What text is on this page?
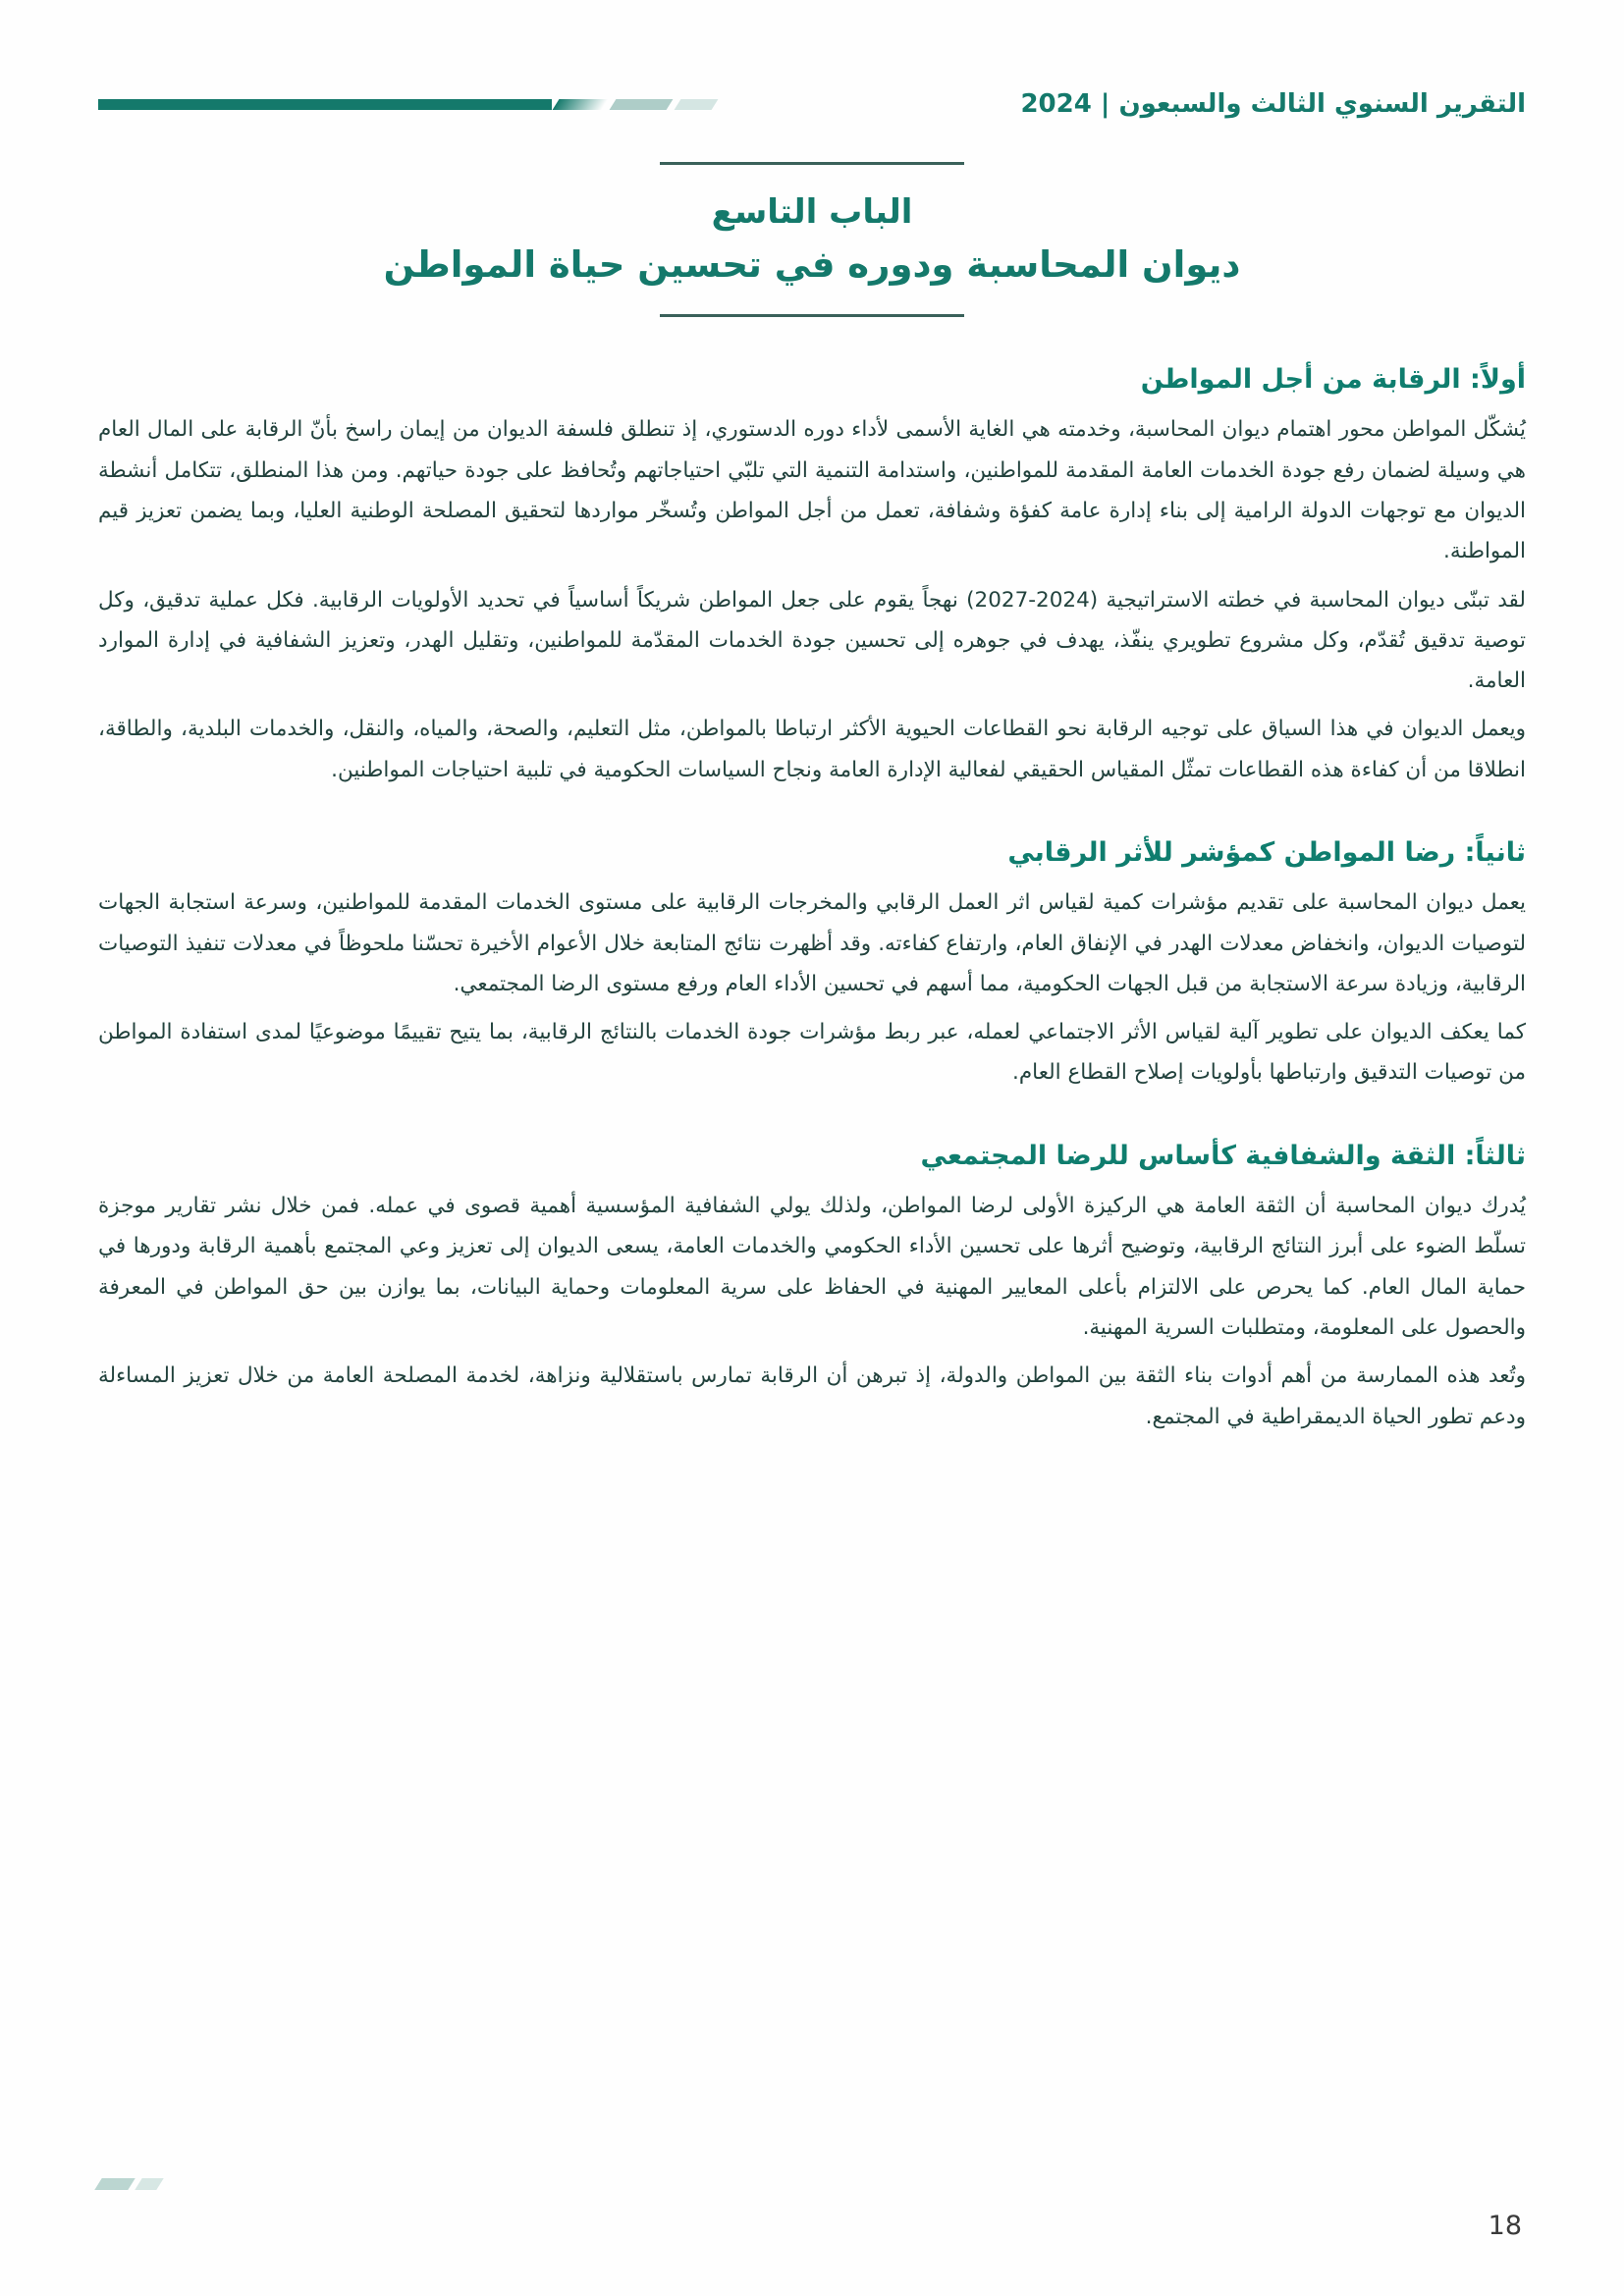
التقرير السنوي الثالث والسبعون | 2024
الباب التاسع
ديوان المحاسبة ودوره في تحسين حياة المواطن
أولاً: الرقابة من أجل المواطن

يُشكّل المواطن محور اهتمام ديوان المحاسبة، وخدمته هي الغاية الأسمى لأداء دوره الدستوري، إذ تنطلق فلسفة الديوان من إيمان راسخ بأنّ الرقابة على المال العام هي وسيلة لضمان رفع جودة الخدمات العامة المقدمة للمواطنين، واستدامة التنمية التي تلبّي احتياجاتهم وتُحافظ على جودة حياتهم. ومن هذا المنطلق، تتكامل أنشطة الديوان مع توجهات الدولة الرامية إلى بناء إدارة عامة كفؤة وشفافة، تعمل من أجل المواطن وتُسخّر مواردها لتحقيق المصلحة الوطنية العليا، وبما يضمن تعزيز قيم المواطنة.

لقد تبنّى ديوان المحاسبة في خطته الاستراتيجية (2024-2027) نهجاً يقوم على جعل المواطن شريكاً أساسياً في تحديد الأولويات الرقابية. فكل عملية تدقيق، وكل توصية تدقيق تُقدّم، وكل مشروع تطويري ينفّذ، يهدف في جوهره إلى تحسين جودة الخدمات المقدّمة للمواطنين، وتقليل الهدر، وتعزيز الشفافية في إدارة الموارد العامة.

ويعمل الديوان في هذا السياق على توجيه الرقابة نحو القطاعات الحيوية الأكثر ارتباطا بالمواطن، مثل التعليم، والصحة، والمياه، والنقل، والخدمات البلدية، والطاقة، انطلاقا من أن كفاءة هذه القطاعات تمثّل المقياس الحقيقي لفعالية الإدارة العامة ونجاح السياسات الحكومية في تلبية احتياجات المواطنين.

ثانياً: رضا المواطن كمؤشر للأثر الرقابي

يعمل ديوان المحاسبة على تقديم مؤشرات كمية لقياس اثر العمل الرقابي والمخرجات الرقابية على مستوى الخدمات المقدمة للمواطنين، وسرعة استجابة الجهات لتوصيات الديوان، وانخفاض معدلات الهدر في الإنفاق العام، وارتفاع كفاءته. وقد أظهرت نتائج المتابعة خلال الأعوام الأخيرة تحسّنا ملحوظاً في معدلات تنفيذ التوصيات الرقابية، وزيادة سرعة الاستجابة من قبل الجهات الحكومية، مما أسهم في تحسين الأداء العام ورفع مستوى الرضا المجتمعي.

كما يعكف الديوان على تطوير آلية لقياس الأثر الاجتماعي لعمله، عبر ربط مؤشرات جودة الخدمات بالنتائج الرقابية، بما يتيح تقييمًا موضوعيًا لمدى استفادة المواطن من توصيات التدقيق وارتباطها بأولويات إصلاح القطاع العام.

ثالثاً: الثقة والشفافية كأساس للرضا المجتمعي

يُدرك ديوان المحاسبة أن الثقة العامة هي الركيزة الأولى لرضا المواطن، ولذلك يولي الشفافية المؤسسية أهمية قصوى في عمله. فمن خلال نشر تقارير موجزة تسلّط الضوء على أبرز النتائج الرقابية، وتوضيح أثرها على تحسين الأداء الحكومي والخدمات العامة، يسعى الديوان إلى تعزيز وعي المجتمع بأهمية الرقابة ودورها في حماية المال العام. كما يحرص على الالتزام بأعلى المعايير المهنية في الحفاظ على سرية المعلومات وحماية البيانات، بما يوازن بين حق المواطن في المعرفة والحصول على المعلومة، ومتطلبات السرية المهنية.

وتُعد هذه الممارسة من أهم أدوات بناء الثقة بين المواطن والدولة، إذ تبرهن أن الرقابة تمارس باستقلالية ونزاهة، لخدمة المصلحة العامة من خلال تعزيز المساءلة ودعم تطور الحياة الديمقراطية في المجتمع.

18
